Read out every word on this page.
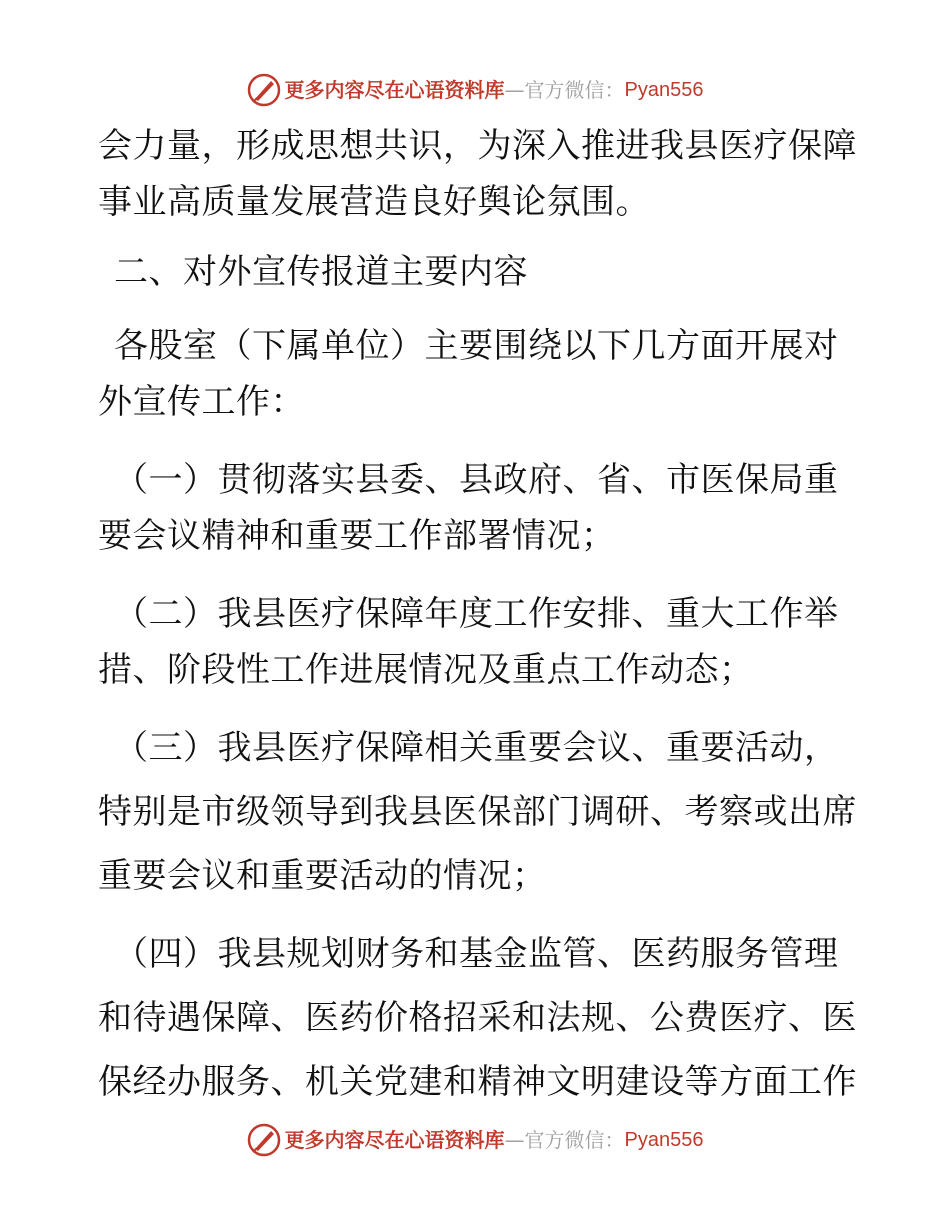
更多内容尽在心语资料库 —官方微信： Pyan556
会力量，形成思想共识，为深入推进我县医疗保障
事业高质量发展营造良好舆论氛围。
二、对外宣传报道主要内容
各股室（下属单位）主要围绕以下几方面开展对
外宣传工作：
（一）贯彻落实县委、县政府、省、市医保局重
要会议精神和重要工作部署情况；
（二）我县医疗保障年度工作安排、重大工作举
措、阶段性工作进展情况及重点工作动态；
（三）我县医疗保障相关重要会议、重要活动，
特别是市级领导到我县医保部门调研、考察或出席
重要会议和重要活动的情况；
（四）我县规划财务和基金监管、医药服务管理
和待遇保障、医药价格招采和法规、公费医疗、医
保经办服务、机关党建和精神文明建设等方面工作
更多内容尽在心语资料库 —官方微信： Pyan556
